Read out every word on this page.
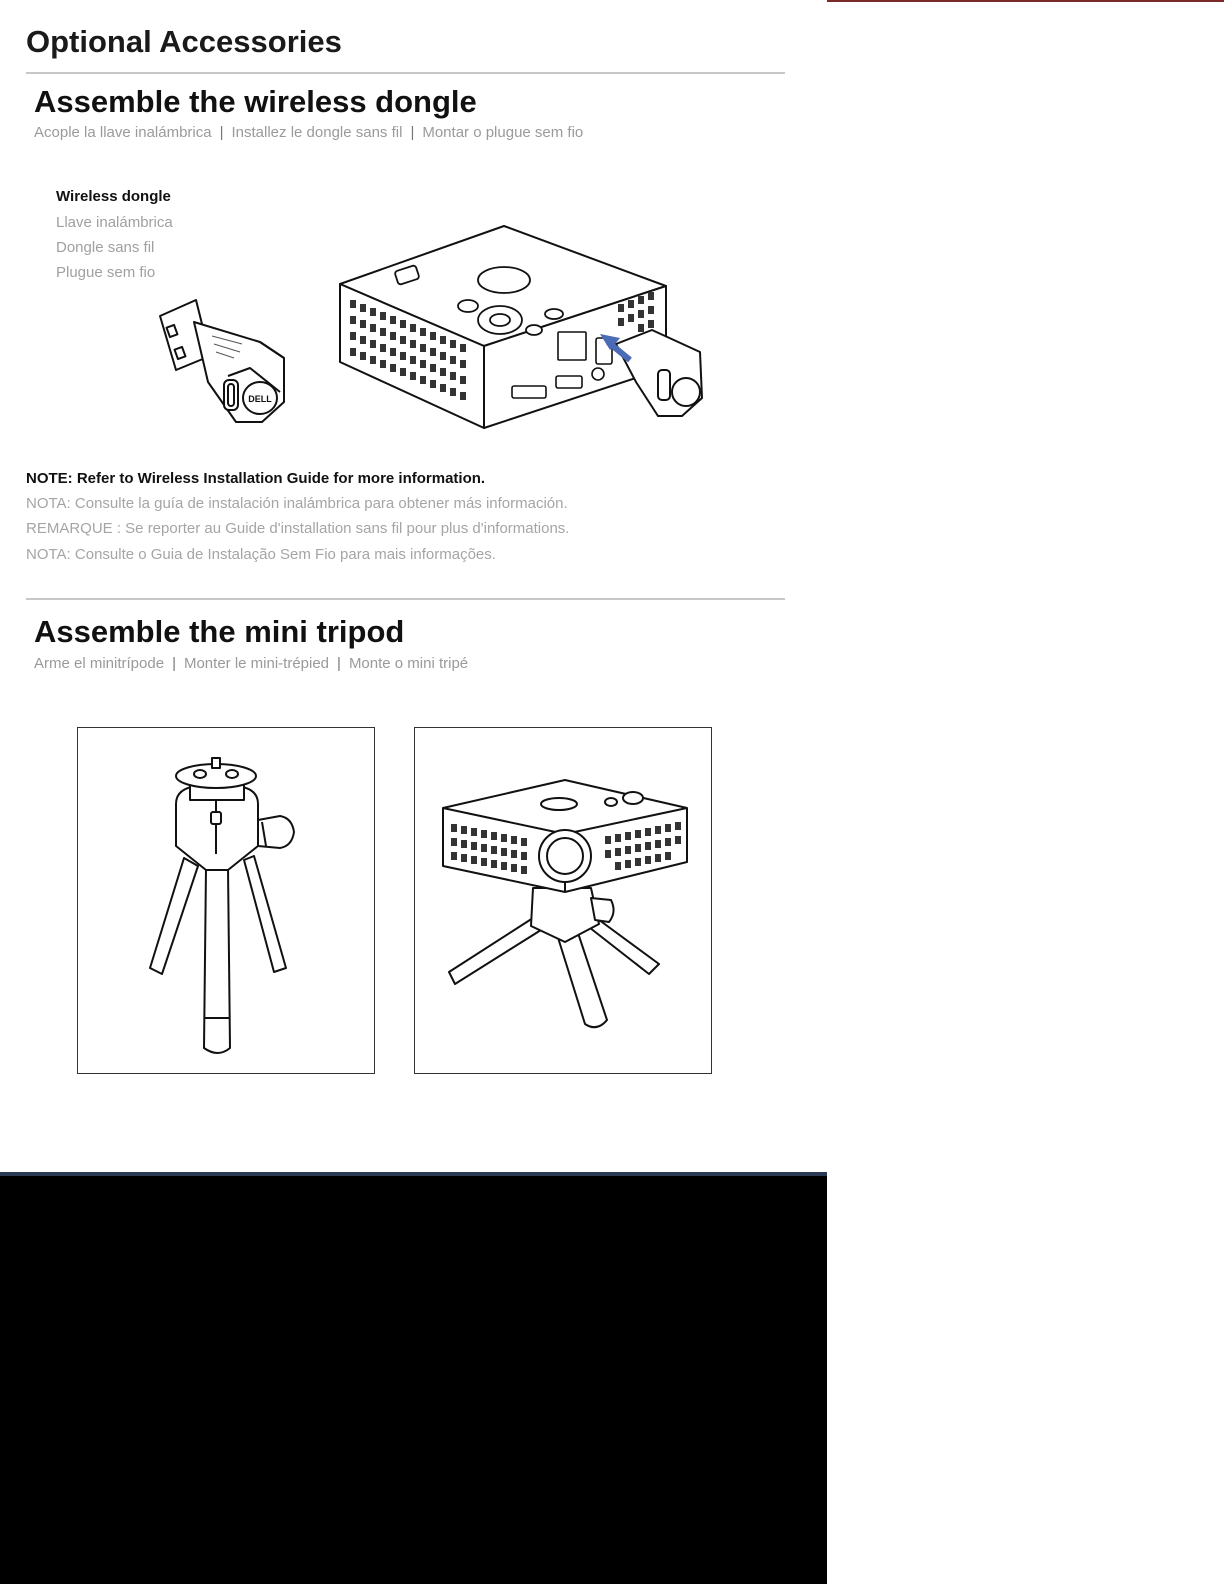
Optional Accessories
Assemble the wireless dongle
Acople la llave inalámbrica | Installez le dongle sans fil | Montar o plugue sem fio
Wireless dongle
Llave inalámbrica
Dongle sans fil
Plugue sem fio
DELL
NOTE: Refer to Wireless Installation Guide for more information.
NOTA: Consulte la guía de instalación inalámbrica para obtener más información.
REMARQUE : Se reporter au Guide d'installation sans fil pour plus d'informations.
NOTA: Consulte o Guia de Instalação Sem Fio para mais informações.
Assemble the mini tripod
Arme el minitrípode | Monter le mini-trépied | Monte o mini tripé
